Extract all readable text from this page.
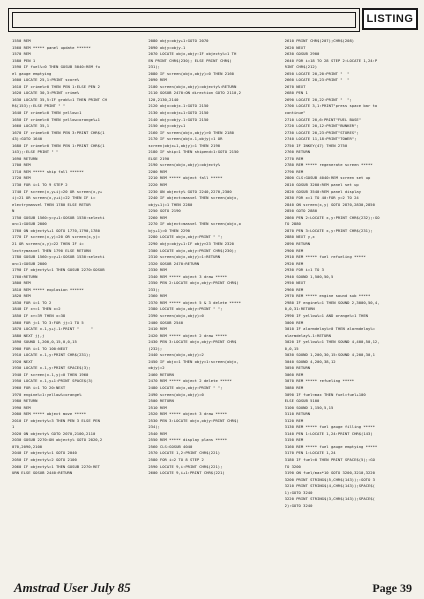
LISTING
1550 REM
1560 REM ***** panel update ******
1570 REM
1580 PEN 1
1590 IF fuel%=0 THEN GOSUB 5040:REM fu
el gauge emptying
1600 LOCATE 25,1:PRINT score%
1610 IF crime%>0 THEN PEN 1:ELSE PEN 2
1620 LOCATE 30,3:PRINT crime%
1630 LOCATE 35,5:IF grab%=1 THEN PRINT CH
R$(153);:ELSE PRINT " "
1640 IF crime%=0 THEN yellow=1
1650 IF crime%<0 THEN yellow=orange%+1
1660 LOCATE 35,1
1670 IF crime%<0 THEN PEN 3:PRINT CHR$(1
43):GOTO 1640
1680 IF crime%>0 THEN PEN 1:PRINT CHR$(1
143);:ELSE PRINT " "
1690 RETURN
1700 REM
1710 REM ***** ship fall ******
1720 REM
1730 FOR i=1 TO 9 STEP 2
1740 IF screen(x,y+i)=20 OR screen(x,y+
i)=21 OR screen(x,y+i)=22 THEN IF i=
electrymasvel THEN 1780 ELSE RETUR
N
1750 GOSUB 1560:y=y+1:GOSUB 1530:selecti
on=1:GOSUB 2000
1760 ON objecty%+1 GOTO 1770,1790,1780
1770 IF screen(x,y)=20 OR screen(x,y)=
21 OR screen(x,y)=22 THEN IF i=
lectrymasvel THEN 1790 ELSE RETURN
1780 GOSUB 1560:y=y+1:GOSUB 1530:selecti
on=1:GOSUB 2000
1790 IF objecty%=1 THEN GOSUB 2270:GOSUB
1760:RETURN
1800 REM
1810 REM ***** explosion ******
1820 REM
1830 FOR i=1 TO 2
1840 IF x<=1 THEN x=2
1850 IF x>=39 THEN x=38
1860 FOR j=1 TO 3:FOR jj=1 TO 5
1870 LOCATE x-1,y+j-1:PRINT "     "
1880 NEXT jj,j
1890 SOUND 1,200,0,15,0,0,15
1900 FOR i=1 TO 100:NEXT
1910 LOCATE x-1,y:PRINT CHR$(231);
1920 NEXT
1930 LOCATE x-1,y:PRINT SPACE$(3);
1940 IF screen(x-1,y)=0 THEN 1960
1950 LOCATE x-1,y+1:PRINT SPACE$(3)
1960 FOR i=1 TO 20:NEXT
1970 engine%=1:yellow%=orange%
1980 RETURN
1990 REM
2000 REM ***** object move *****
2010 IF objecty%=3 THEN PEN 3 ELSE PEN
1
2020 ON objecty% GOTO 2070,2100,2110
2030 GOSUB 2270:ON objecty% GOTO 2020,2
070,2090,2100
2040 IF objecty%=1 GOTO 2040
2050 IF objecty%=2 GOTO 2100
2060 IF objecty%=1 THEN GOSUB 2270:RET
URN ELSE GOSUB 2440:RETURN
2080 objy=objy+1:GOTO 2070
2090 objy=objy-1
2070 LOCATE objx,objy:IF objecty%=1 TH
EN PRINT CHR$(230); ELSE PRINT CHR$(
231);
2080 IF screen(objx,objy)=0 THEN 2160
2090 REM
2100 screen(objx,objy)=objecty%:RETURN
2110 GOSUB 2470:ON direction GOTO 2110,2
120,2130,2140
2120 objx=objx-1:GOTO 2150
2130 objx=objx+1:GOTO 2150
2140 objy=objy-1:GOTO 2150
2150 objy=objy+1
2160 IF screen(objx,objy)>0 THEN 2180
2170 IF screen(objx-1,objy)=1 OR
screen(objx+1,objy)=1 THEN 2190
2180 IF ship=1 THEN shipend=1:GOTO 2150
ELSE 2190
2190 screen(objx,objy)=objecty%
2200 REM
2210 REM ***** object fall *****
2220 REM
2230 ON objecty% GOTO 2240,2270,2300
2240 IF object=masvel THEN screen(objx,
objy+1)=1 THEN 2280
2250 GOTO 2190
2260 REM
2270 IF object=masvel THEN screen(objx,o
bjy+1)=0 THEN 2290
2280 LOCATE objx,objy:PRINT " ";
2290 objy=objy+1:IF objy>23 THEN 2320
2300 LOCATE objx,objy:PRINT CHR$(230);
2310 screen(objx,objy)=1:RETURN
2320 GOSUB 2470:RETURN
2330 REM
2340 REM ***** object 3 draw *****
2350 PEN 2:LOCATE objx,objy:PRINT CHR$(
233);
2360 REM
2370 REM ***** object 5 & 3 delete *****
2380 LOCATE objx,objy:PRINT " ";
2390 screen(objx,objy)=0
2400 GOSUB 2540
2410 REM
2420 REM ***** object 2 draw *****
2430 PEN 3:LOCATE objx,objy:PRINT CHR$
(232);
2440 screen(objx,objy)=2
2450 IF objx=1 THEN objy=1:screen(objx,
objy)=2
2460 RETURN
2470 REM ***** object 2 delete *****
2480 LOCATE objx,objy:PRINT " ";
2490 screen(objx,objy)=0
2500 RETURN
2510 REM
2520 REM ***** object 3 draw *****
2530 PEN 3:LOCATE objx,objy:PRINT CHR$(
234);
2540 REM
2550 REM ***** display plans *****
2560 CLS:GOSUB 4040
2570 LOCATE 1,2:PRINT CHR$(221)
2580 FOR i=2 TO 8 STEP 2
2590 LOCATE 9,i:PRINT CHR$(221);
2600 LOCATE 9,i+1:PRINT CHR$(221)
2610 PRINT CHR$(207);CHR$(208)
2620 NEXT
2630 GOSUB 2900
2640 FOR i=18 TO 28 STEP 2:LOCATE 1,24:P
RINT CHR$(212)
2650 LOCATE 20,20:PRINT "  "
2660 LOCATE 20,23:PRINT "  "
2670 NEXT
2680 PEN 1
2690 LOCATE 20,22:PRINT "  ";
2700 LOCATE 3,1:PRINT"press space bar to
continue"
2710 LOCATE 20,6:PRINT"FUEL BASE"
2720 LOCATE 20,12:PRINT"BUNKER";
2730 LOCATE 20,23:PRINT"STORES";
2740 LOCATE 11,18:PRINT"TOWER";
2750 IF INKEY(47) THEN 2750
2760 RETURN
2770 REM
2780 REM ***** regenerate screen *****
2790 REM
2800 CLS:GOSUB 4040:REM screen set up
2810 GOSUB 3200:REM panel set up
2820 GOSUB 3540:REM panel display
2830 FOR x=1 TO 40:FOR y=2 TO 24
2840 ON screen(x,y) GOTO 2870,2830,2850
2850 GOTO 2880
2860 PEN 2:LOCATE x,y:PRINT CHR$(232);:GO
TO 2880
2870 PEN 3:LOCATE x,y:PRINT CHR$(231);
2880 NEXT y,x
2890 RETURN
2900 REM
2910 REM ***** fuel refueling *****
2920 REM
2930 FOR i=1 TO 3
2940 SOUND 1,500,50,5
2950 NEXT
2960 REM
2970 REM ***** engine sound sub *****
2980 IF engine%=1 THEN SOUND 2,3000,50,4,
0,0,31:RETURN
2990 IF yellow%=1 AND orange%=1 THEN
3000 REM
3010 IF alarmdelay%>0 THEN alarmdelay%=
alarmdelay%-1:RETURN
3020 IF yellow%=1 THEN SOUND 4,400,50,12,
0,0,15
3030 SOUND 1,200,30,15:SOUND 4,200,30,1
3040 SOUND 4,200,38,12
3050 RETURN
3060 REM
3070 REM ***** refueling *****
3080 REM
3090 IF fuel<max THEN fuel=fuel+100
ELSE GOSUB 5100
3100 SOUND 1,150,5,15
3110 RETURN
3120 REM
3130 REM ***** fuel gauge filling *****
3140 PEN 1:LOCATE 1,24:PRINT CHR$(143)
3150 REM
3160 REM ***** fuel gauge emptying *****
3170 PEN 1:LOCATE 1,24
3180 IF fuel<0 THEN PRINT SPACE$(5);:GO
TO 3200
3190 ON fuel/max*10 GOTO 3200,3210,3220
3200 PRINT STRING$(5,CHR$(143));:GOTO 3
3210 PRINT STRING$(4,CHR$(143));SPACE$(
1):GOTO 3240
3220 PRINT STRING$(3,CHR$(143));SPACE$(
2):GOTO 3240
Amstrad User July 85	Page 39
